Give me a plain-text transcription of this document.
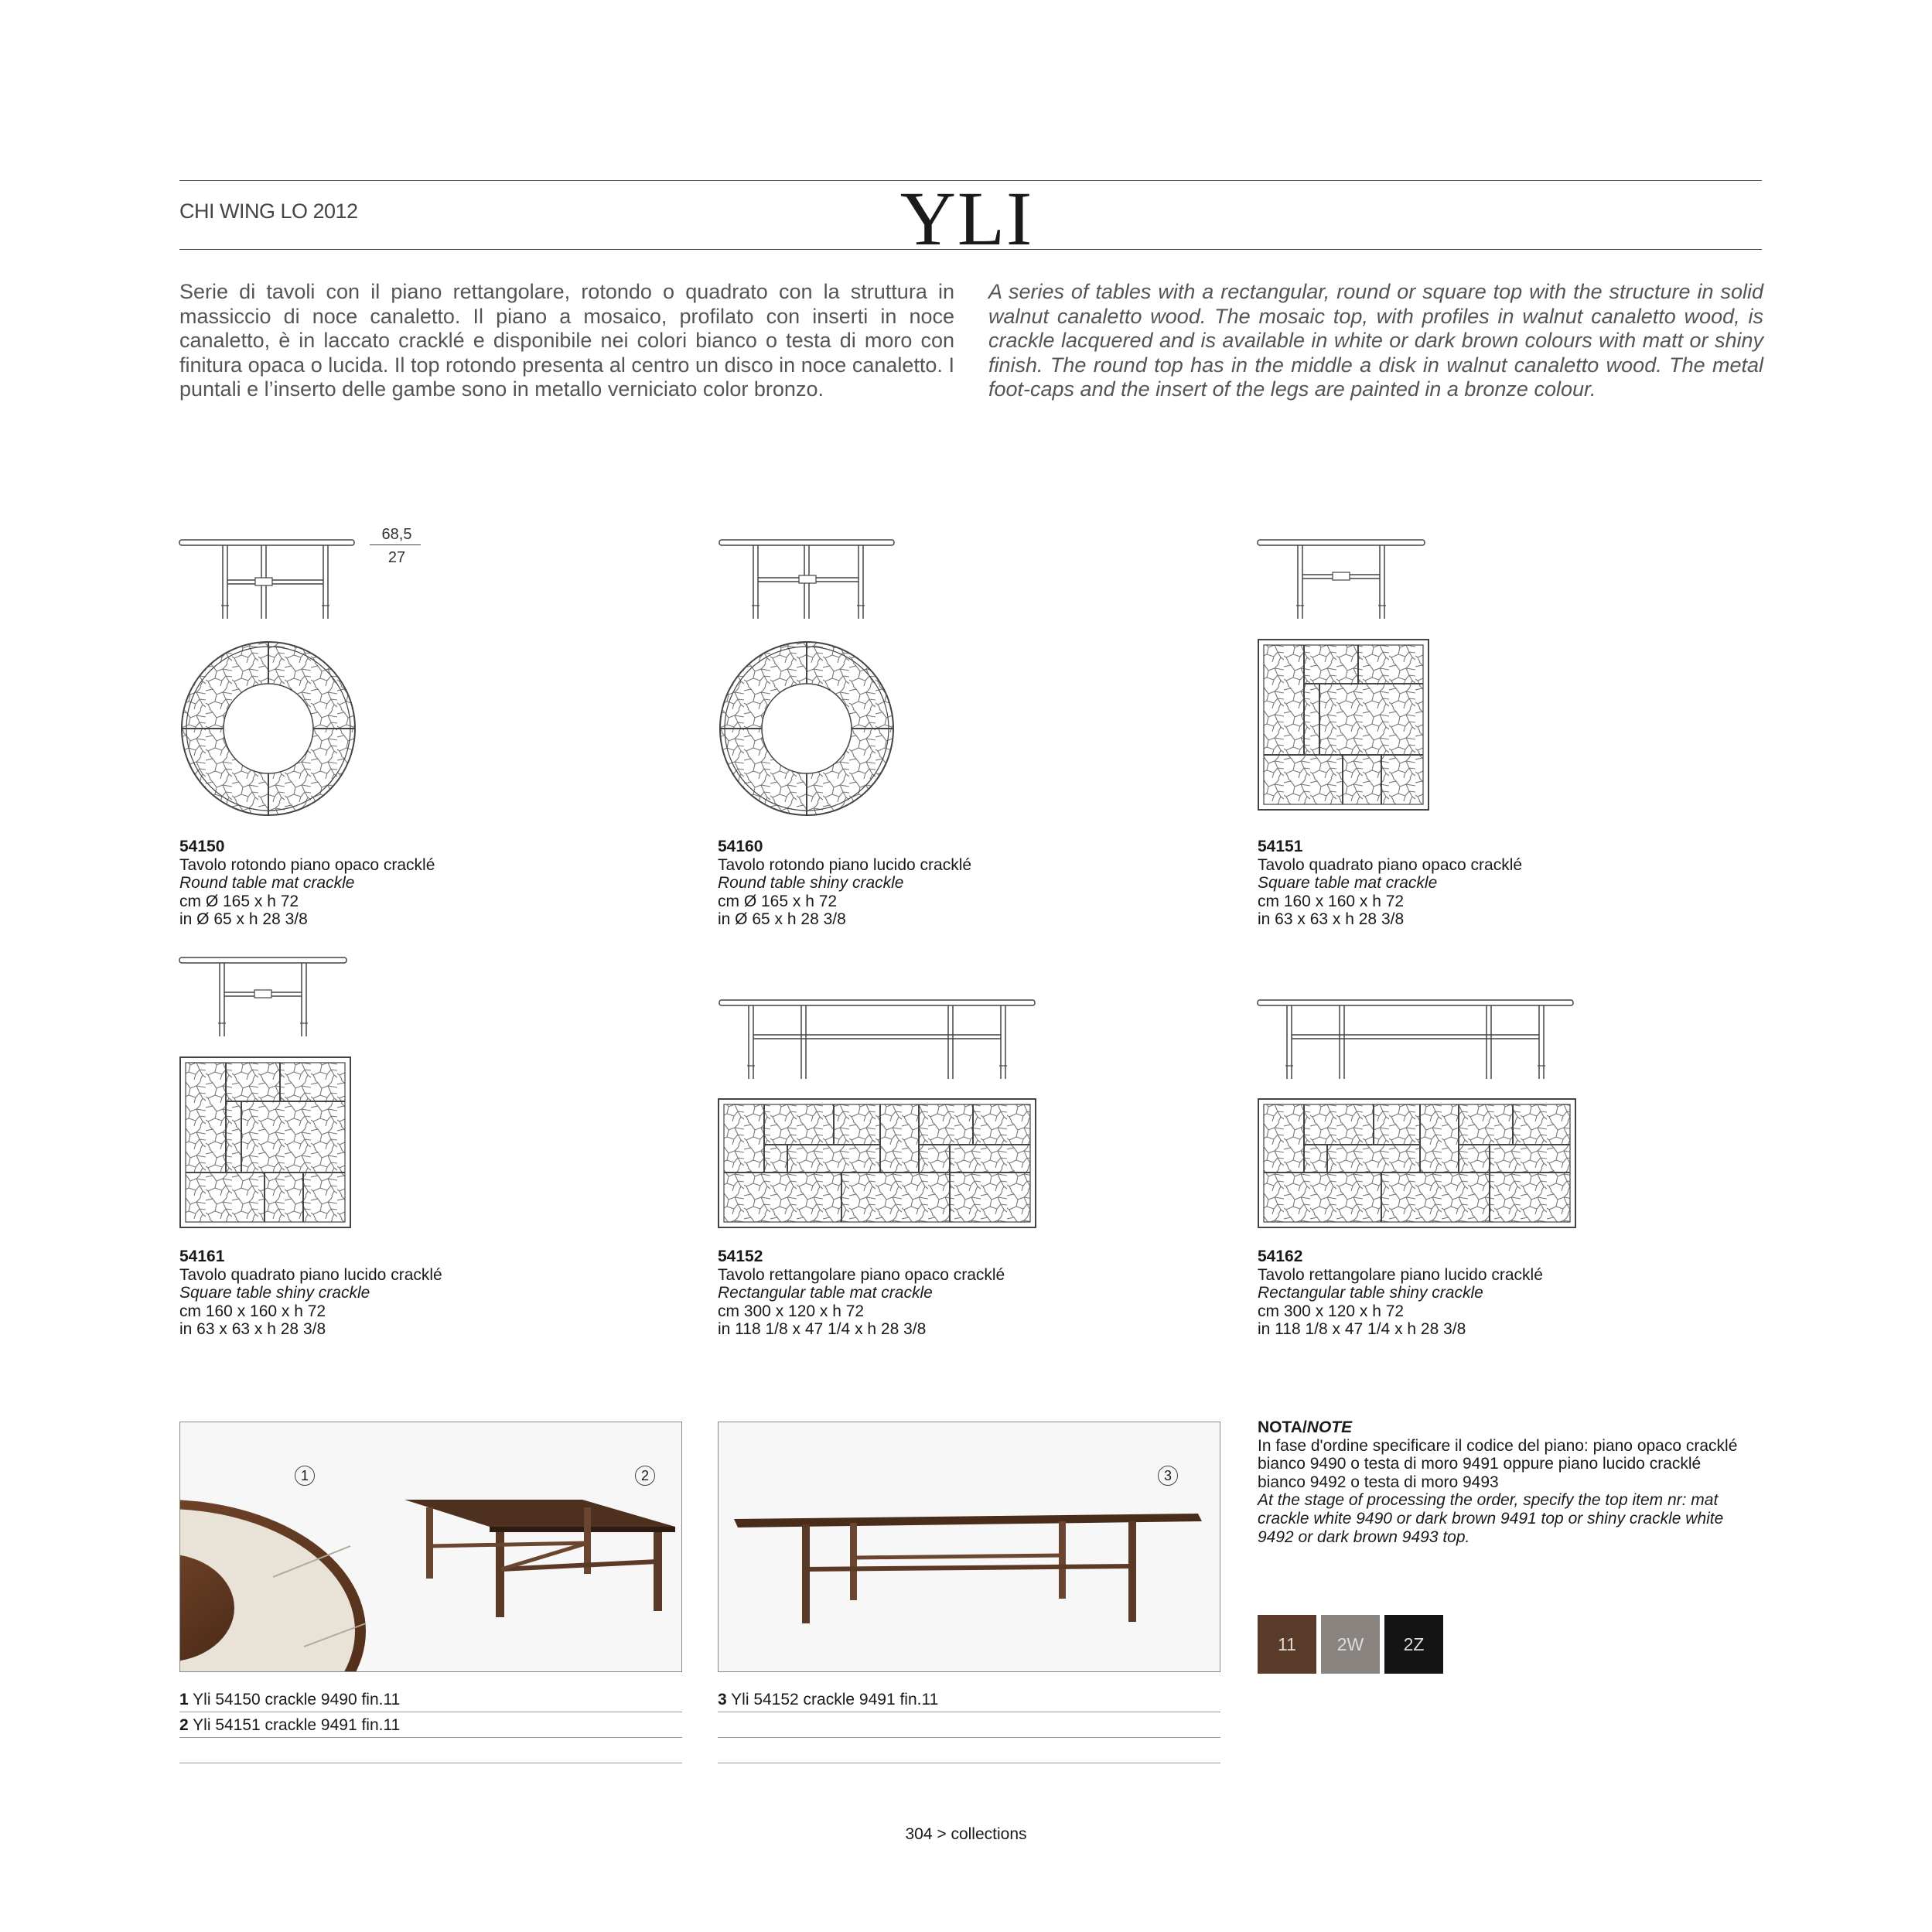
CHI WING LO 2012	YLI
Serie di tavoli con il piano rettangolare, rotondo o quadrato con la struttura in massiccio di noce canaletto. Il piano a mosaico, profilato con inserti in noce canaletto, è in laccato cracklé e disponibile nei colori bianco o testa di moro con finitura opaca o lucida. Il top rotondo presenta al centro un disco in noce canaletto. I puntali e l’inserto delle gambe sono in metallo verniciato color bronzo.
A series of tables with a rectangular, round or square top with the structure in solid walnut canaletto wood. The mosaic top, with profiles in walnut canaletto wood, is crackle lacquered and is available in white or dark brown colours with matt or shiny finish. The round top has in the middle a disk in walnut canaletto wood. The metal foot-caps and the insert of the legs are painted in a bronze colour.
68,5
27
54150
Tavolo rotondo piano opaco cracklé
Round table mat crackle
cm Ø 165 x h 72
in Ø 65 x h 28 3/8
54160
Tavolo rotondo piano lucido cracklé
Round table shiny crackle
cm Ø 165 x h 72
in Ø 65 x h 28 3/8
54151
Tavolo quadrato piano opaco cracklé
Square table mat crackle
cm 160 x 160 x h 72
in 63 x 63 x h 28 3/8
54161
Tavolo quadrato piano lucido cracklé
Square table shiny crackle
cm 160 x 160 x h 72
in 63 x 63 x h 28 3/8
54152
Tavolo rettangolare piano opaco cracklé
Rectangular table mat crackle
cm 300 x 120 x h 72
in 118 1/8 x 47 1/4 x h 28 3/8
54162
Tavolo rettangolare piano lucido cracklé
Rectangular table shiny crackle
cm 300 x 120 x h 72
in 118 1/8 x 47 1/4 x h 28 3/8
1	2	3
1 Yli 54150 crackle 9490 fin.11
2 Yli 54151 crackle 9491 fin.11
3 Yli 54152 crackle 9491 fin.11
NOTA/NOTE
In fase d'ordine specificare il codice del piano: piano opaco cracklé bianco 9490 o testa di moro 9491 oppure piano lucido cracklé bianco 9492 o testa di moro 9493
At the stage of processing the order, specify the top item nr: mat crackle white 9490 or dark brown 9491 top or shiny crackle white 9492 or dark brown 9493 top.
11	2W	2Z
304 > collections
